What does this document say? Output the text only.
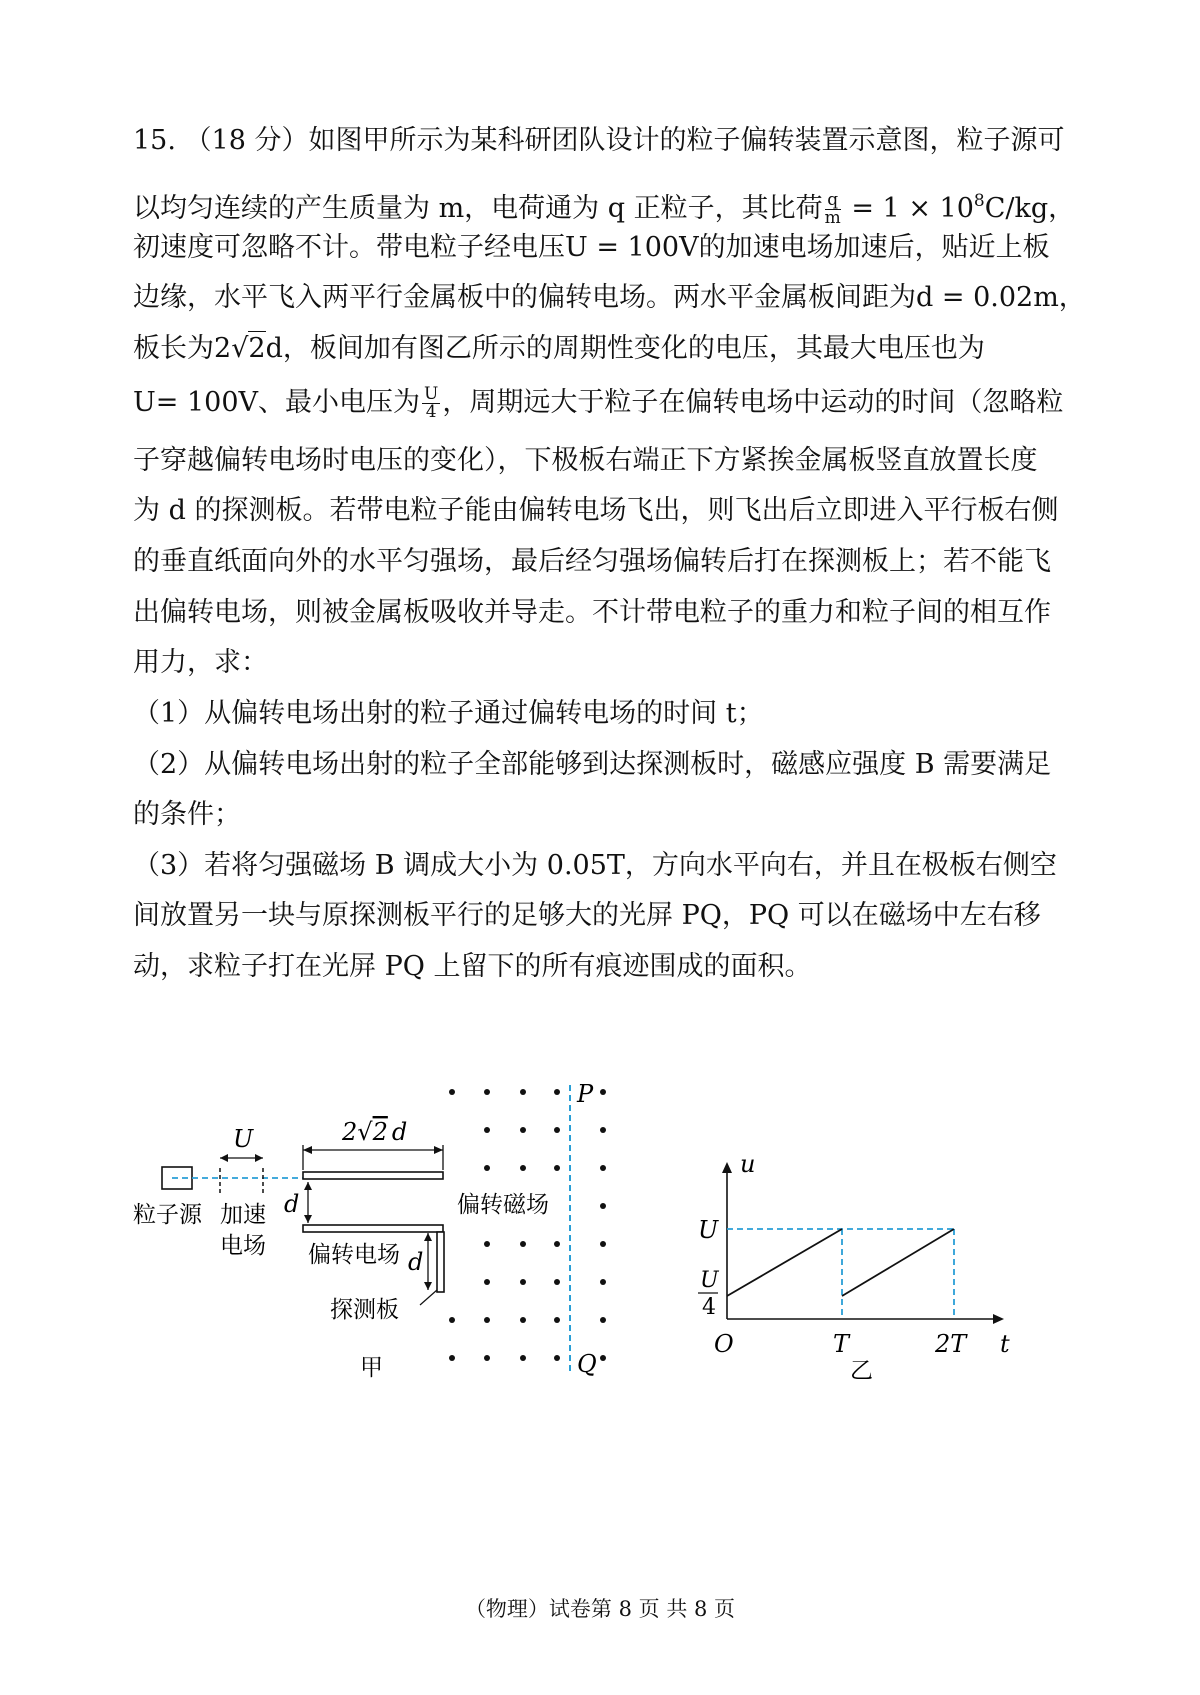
15. （18 分）如图甲所示为某科研团队设计的粒子偏转装置示意图，粒子源可
以均匀连续的产生质量为 m，电荷通为 q 正粒子，其比荷 $\frac{q}{m} = 1 \times 10^8C/kg$，
初速度可忽略不计。带电粒子经电压U = 100V的加速电场加速后，贴近上板
边缘，水平飞入两平行金属板中的偏转电场。两水平金属板间距为d = 0.02m，
板长为2√2d，板间加有图乙所示的周期性变化的电压，其最大电压也为
U= 100V、最小电压为 $\frac{U}{4}$ ，周期远大于粒子在偏转电场中运动的时间（忽略粒
子穿越偏转电场时电压的变化），下极板右端正下方紧挨金属板竖直放置长度
为 d 的探测板。若带电粒子能由偏转电场飞出，则飞出后立即进入平行板右侧
的垂直纸面向外的水平匀强场，最后经匀强场偏转后打在探测板上；若不能飞
出偏转电场，则被金属板吸收并导走。不计带电粒子的重力和粒子间的相互作
用力，求：
（1）从偏转电场出射的粒子通过偏转电场的时间 t；
（2）从偏转电场出射的粒子全部能够到达探测板时，磁感应强度 B 需要满足
的条件；
（3）若将匀强磁场 B 调成大小为 0.05T，方向水平向右，并且在极板右侧空
间放置另一块与原探测板平行的足够大的光屏 PQ，PQ 可以在磁场中左右移
动，求粒子打在光屏 PQ 上留下的所有痕迹围成的面积。
U	2√2 d
d
d
粒子源 加速
电场 偏转电场
探测板
偏转磁场
P
Q
甲
u
t
O
U
U
4
T	2T
乙
（物理）试卷第 8 页 共 8 页
